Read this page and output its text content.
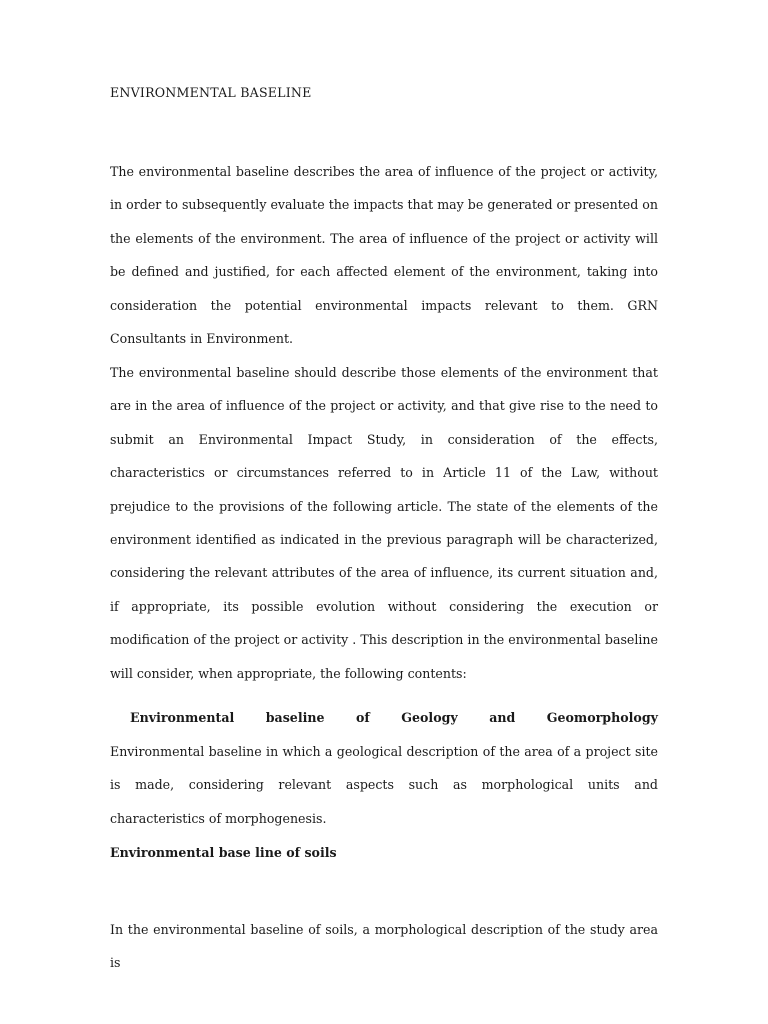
ENVIRONMENTAL BASELINE

The environmental baseline describes the area of influence of the project or activity, in order to subsequently evaluate the impacts that may be generated or presented on the elements of the environment. The area of influence of the project or activity will be defined and justified, for each affected element of the environment, taking into consideration the potential environmental impacts relevant to them. GRN Consultants in Environment.

The environmental baseline should describe those elements of the environment that are in the area of influence of the project or activity, and that give rise to the need to submit an Environmental Impact Study, in consideration of the effects, characteristics or circumstances referred to in Article 11 of the Law, without prejudice to the provisions of the following article. The state of the elements of the environment identified as indicated in the previous paragraph will be characterized, considering the relevant attributes of the area of influence, its current situation and, if appropriate, its possible evolution without considering the execution or modification of the project or activity . This description in the environmental baseline will consider, when appropriate, the following contents:

Environmental baseline of Geology and Geomorphology

Environmental baseline in which a geological description of the area of a project site is made, considering relevant aspects such as morphological units and characteristics of morphogenesis.

Environmental base line of soils

In the environmental baseline of soils, a morphological description of the study area is
